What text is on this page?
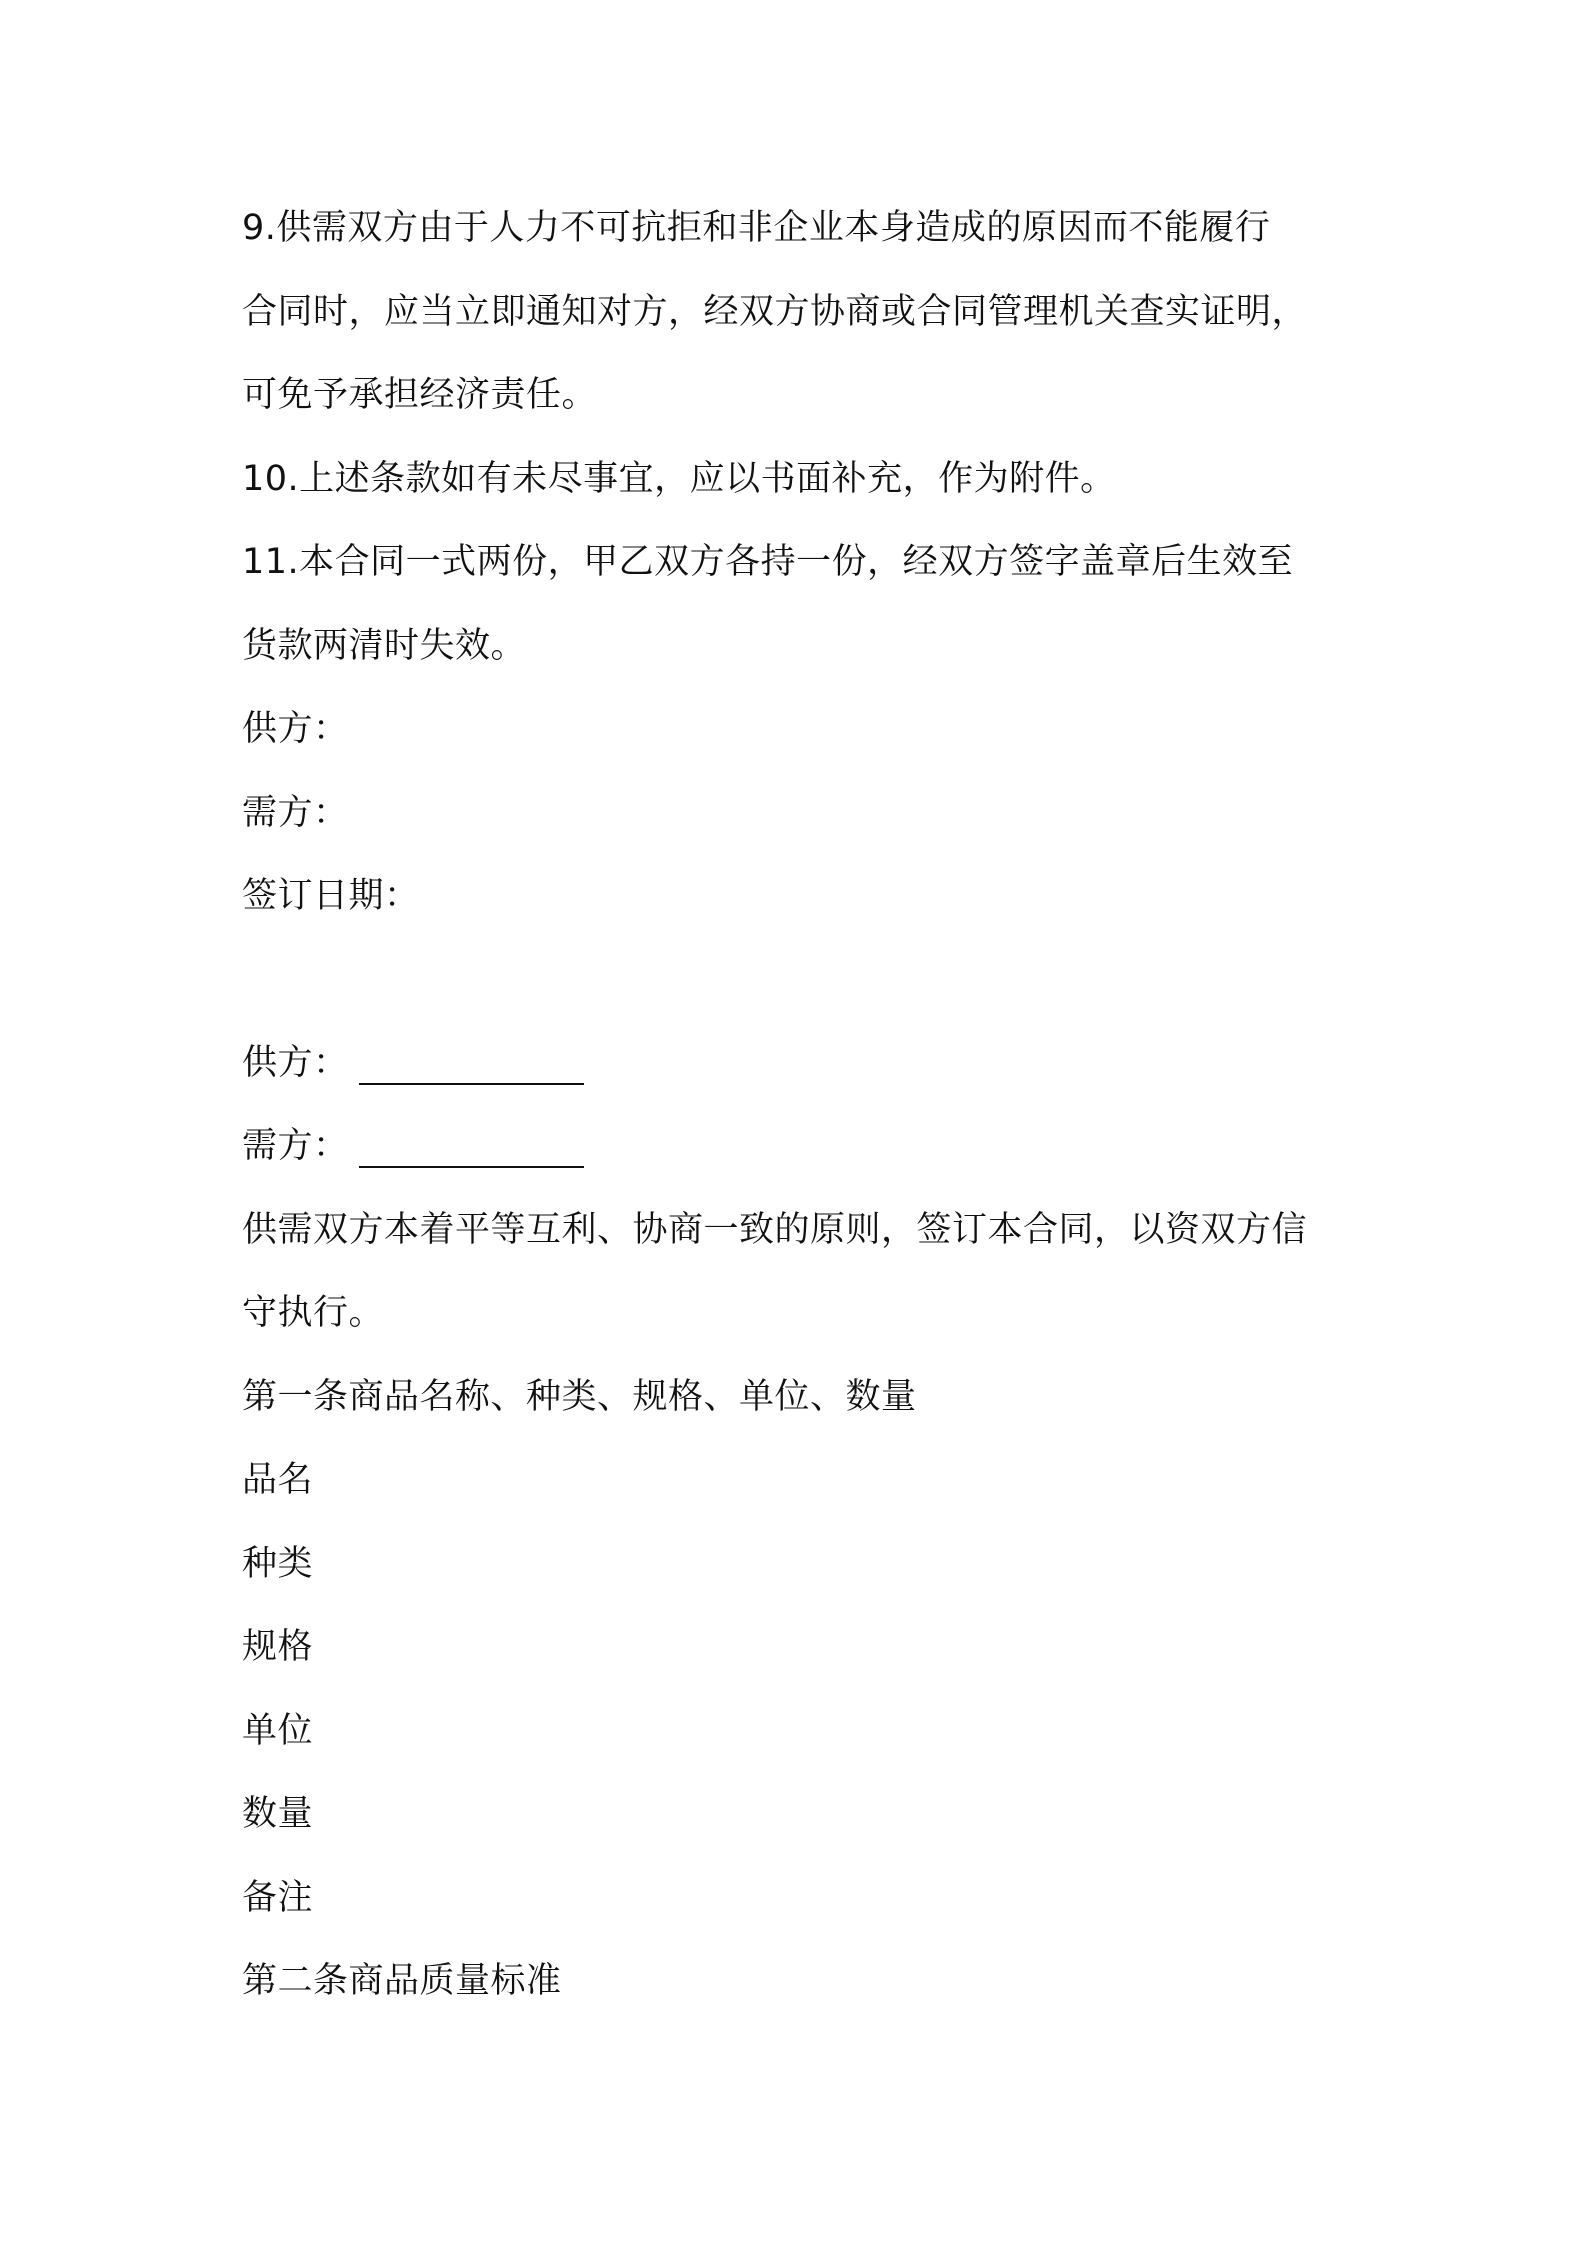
9.供需双方由于人力不可抗拒和非企业本身造成的原因而不能履行
合同时，应当立即通知对方，经双方协商或合同管理机关查实证明，
可免予承担经济责任。
10.上述条款如有未尽事宜，应以书面补充，作为附件。
11.本合同一式两份，甲乙双方各持一份，经双方签字盖章后生效至
货款两清时失效。
供方：
需方：
签订日期：
供方：
需方：
供需双方本着平等互利、协商一致的原则，签订本合同，以资双方信
守执行。
第一条商品名称、种类、规格、单位、数量
品名
种类
规格
单位
数量
备注
第二条商品质量标准
